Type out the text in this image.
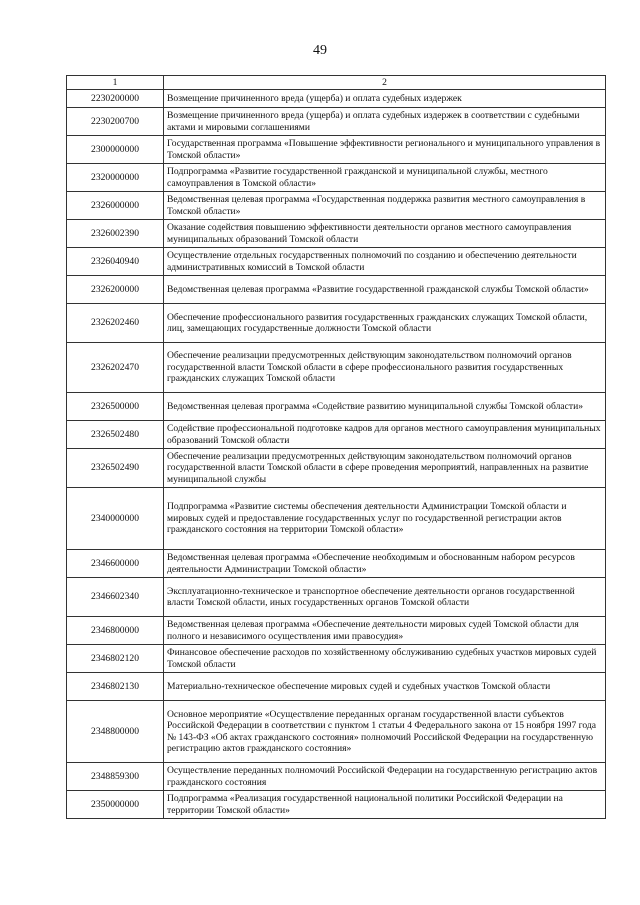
49
1	2
2230200000	Возмещение причиненного вреда (ущерба) и оплата судебных издержек
2230200700	Возмещение причиненного вреда (ущерба) и оплата судебных издержек в соответствии с судебными актами и мировыми соглашениями
2300000000	Государственная программа «Повышение эффективности регионального и муниципального управления в Томской области»
2320000000	Подпрограмма «Развитие государственной гражданской и муниципальной службы, местного самоуправления в Томской области»
2326000000	Ведомственная целевая программа «Государственная поддержка развития местного самоуправления в Томской области»
2326002390	Оказание содействия повышению эффективности деятельности органов местного самоуправления муниципальных образований Томской области
2326040940	Осуществление отдельных государственных полномочий по созданию и обеспечению деятельности административных комиссий в Томской области
2326200000	Ведомственная целевая программа «Развитие государственной гражданской службы Томской области»
2326202460	Обеспечение профессионального развития государственных гражданских служащих Томской области, лиц, замещающих государственные должности Томской области
2326202470	Обеспечение реализации предусмотренных действующим законодательством полномочий органов государственной власти Томской области в сфере профессионального развития государственных гражданских служащих Томской области
2326500000	Ведомственная целевая программа «Содействие развитию муниципальной службы Томской области»
2326502480	Содействие профессиональной подготовке кадров для органов местного самоуправления муниципальных образований Томской области
2326502490	Обеспечение реализации предусмотренных действующим законодательством полномочий органов государственной власти Томской области в сфере проведения мероприятий, направленных на развитие муниципальной службы
2340000000	Подпрограмма «Развитие системы обеспечения деятельности Администрации Томской области и мировых судей и предоставление государственных услуг по государственной регистрации актов гражданского состояния на территории Томской области»
2346600000	Ведомственная целевая программа «Обеспечение необходимым и обоснованным набором ресурсов деятельности Администрации Томской области»
2346602340	Эксплуатационно-техническое и транспортное обеспечение деятельности органов государственной власти Томской области, иных государственных органов Томской области
2346800000	Ведомственная целевая программа «Обеспечение деятельности мировых судей Томской области для полного и независимого осуществления ими правосудия»
2346802120	Финансовое обеспечение расходов по хозяйственному обслуживанию судебных участков мировых судей Томской области
2346802130	Материально-техническое обеспечение мировых судей и судебных участков Томской области
2348800000	Основное мероприятие «Осуществление переданных органам государственной власти субъектов Российской Федерации в соответствии с пунктом 1 статьи 4 Федерального закона от 15 ноября 1997 года № 143-ФЗ «Об актах гражданского состояния» полномочий Российской Федерации на государственную регистрацию актов гражданского состояния»
2348859300	Осуществление переданных полномочий Российской Федерации на государственную регистрацию актов гражданского состояния
2350000000	Подпрограмма «Реализация государственной национальной политики Российской Федерации на территории Томской области»
